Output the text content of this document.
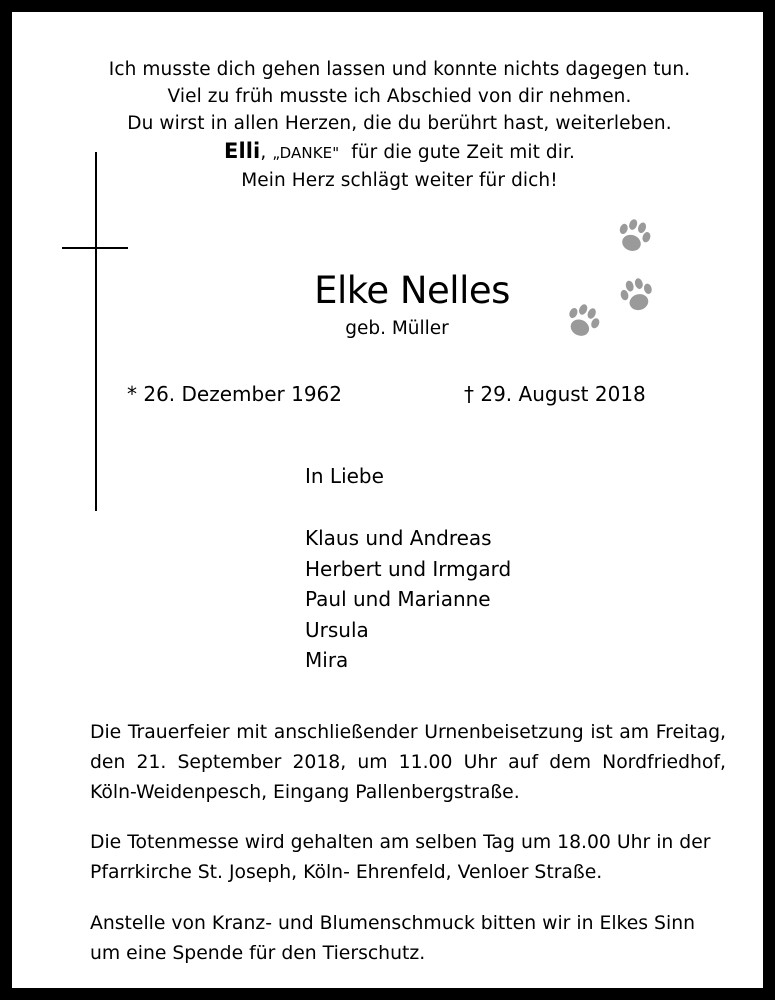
Ich musste dich gehen lassen und konnte nichts dagegen tun.
Viel zu früh musste ich Abschied von dir nehmen.
Du wirst in allen Herzen, die du berührt hast, weiterleben.
Elli, „DANKE" für die gute Zeit mit dir.
Mein Herz schlägt weiter für dich!
Elke Nelles
geb. Müller
* 26. Dezember 1962	† 29. August 2018
In Liebe
Klaus und Andreas
Herbert und Irmgard
Paul und Marianne
Ursula
Mira

Die Trauerfeier mit anschließender Urnenbeisetzung ist am Freitag, den 21. September 2018, um 11.00 Uhr auf dem Nordfriedhof, Köln-Weidenpesch, Eingang Pallenbergstraße.

Die Totenmesse wird gehalten am selben Tag um 18.00 Uhr in der Pfarrkirche St. Joseph, Köln- Ehrenfeld, Venloer Straße.

Anstelle von Kranz- und Blumenschmuck bitten wir in Elkes Sinn um eine Spende für den Tierschutz.
